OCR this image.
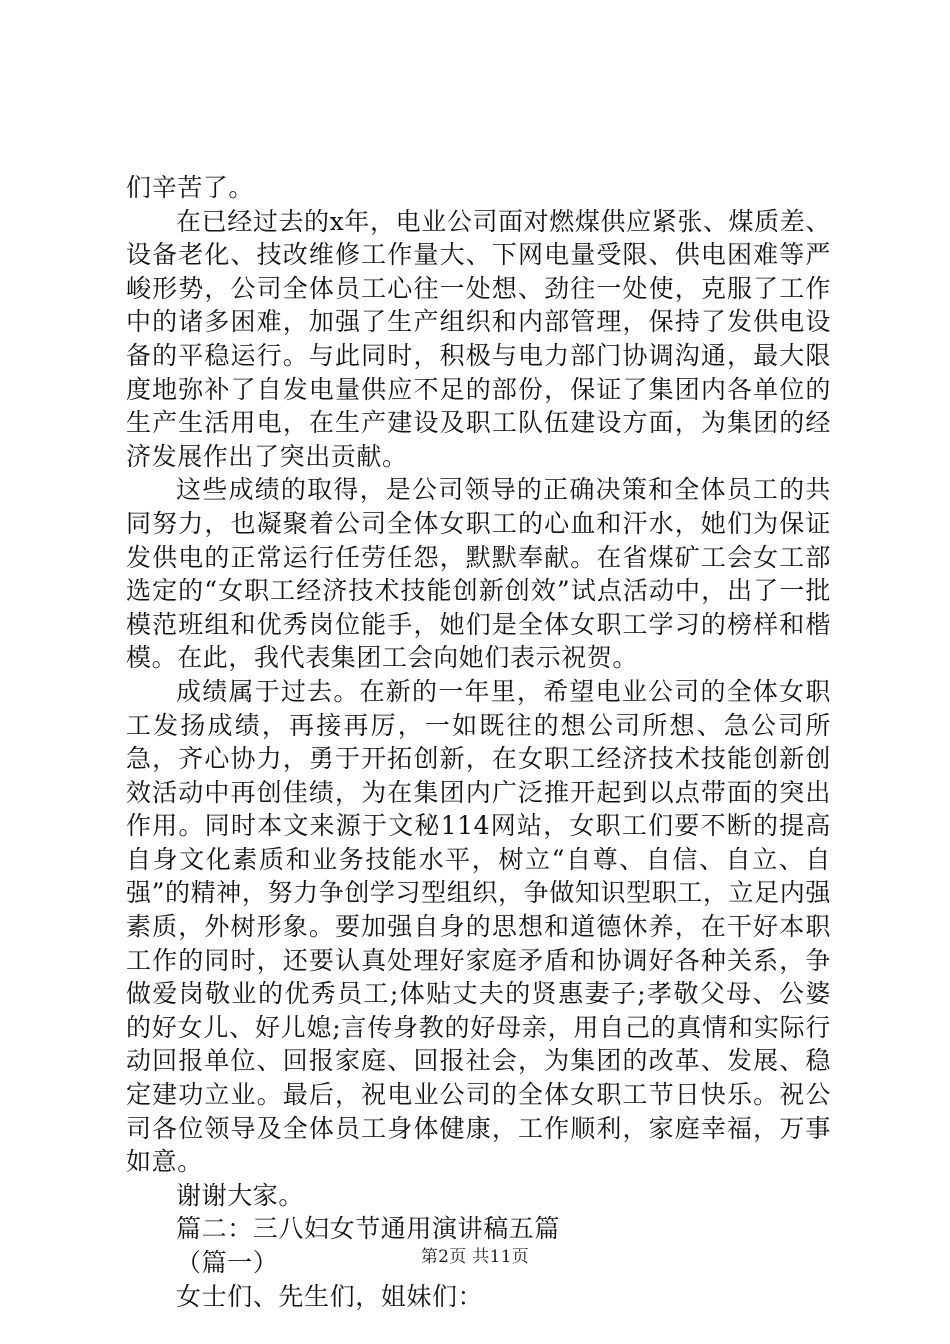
们辛苦了。

在已经过去的x年，电业公司面对燃煤供应紧张、煤质差、设备老化、技改维修工作量大、下网电量受限、供电困难等严峻形势，公司全体员工心往一处想、劲往一处使，克服了工作中的诸多困难，加强了生产组织和内部管理，保持了发供电设备的平稳运行。与此同时，积极与电力部门协调沟通，最大限度地弥补了自发电量供应不足的部份，保证了集团内各单位的生产生活用电，在生产建设及职工队伍建设方面，为集团的经济发展作出了突出贡献。

这些成绩的取得，是公司领导的正确决策和全体员工的共同努力，也凝聚着公司全体女职工的心血和汗水，她们为保证发供电的正常运行任劳任怨，默默奉献。在省煤矿工会女工部选定的“女职工经济技术技能创新创效”试点活动中，出了一批模范班组和优秀岗位能手，她们是全体女职工学习的榜样和楷模。在此，我代表集团工会向她们表示祝贺。

成绩属于过去。在新的一年里，希望电业公司的全体女职工发扬成绩，再接再厉，一如既往的想公司所想、急公司所急，齐心协力，勇于开拓创新，在女职工经济技术技能创新创效活动中再创佳绩，为在集团内广泛推开起到以点带面的突出作用。同时本文来源于文秘114网站，女职工们要不断的提高自身文化素质和业务技能水平，树立“自尊、自信、自立、自强”的精神，努力争创学习型组织，争做知识型职工，立足内强素质，外树形象。要加强自身的思想和道德休养，在干好本职工作的同时，还要认真处理好家庭矛盾和协调好各种关系，争做爱岗敬业的优秀员工;体贴丈夫的贤惠妻子;孝敬父母、公婆的好女儿、好儿媳;言传身教的好母亲，用自己的真情和实际行动回报单位、回报家庭、回报社会，为集团的改革、发展、稳定建功立业。最后，祝电业公司的全体女职工节日快乐。祝公司各位领导及全体员工身体健康，工作顺利，家庭幸福，万事如意。

谢谢大家。

篇二：三八妇女节通用演讲稿五篇

（篇一）

女士们、先生们，姐妹们：

第2页 共11页
